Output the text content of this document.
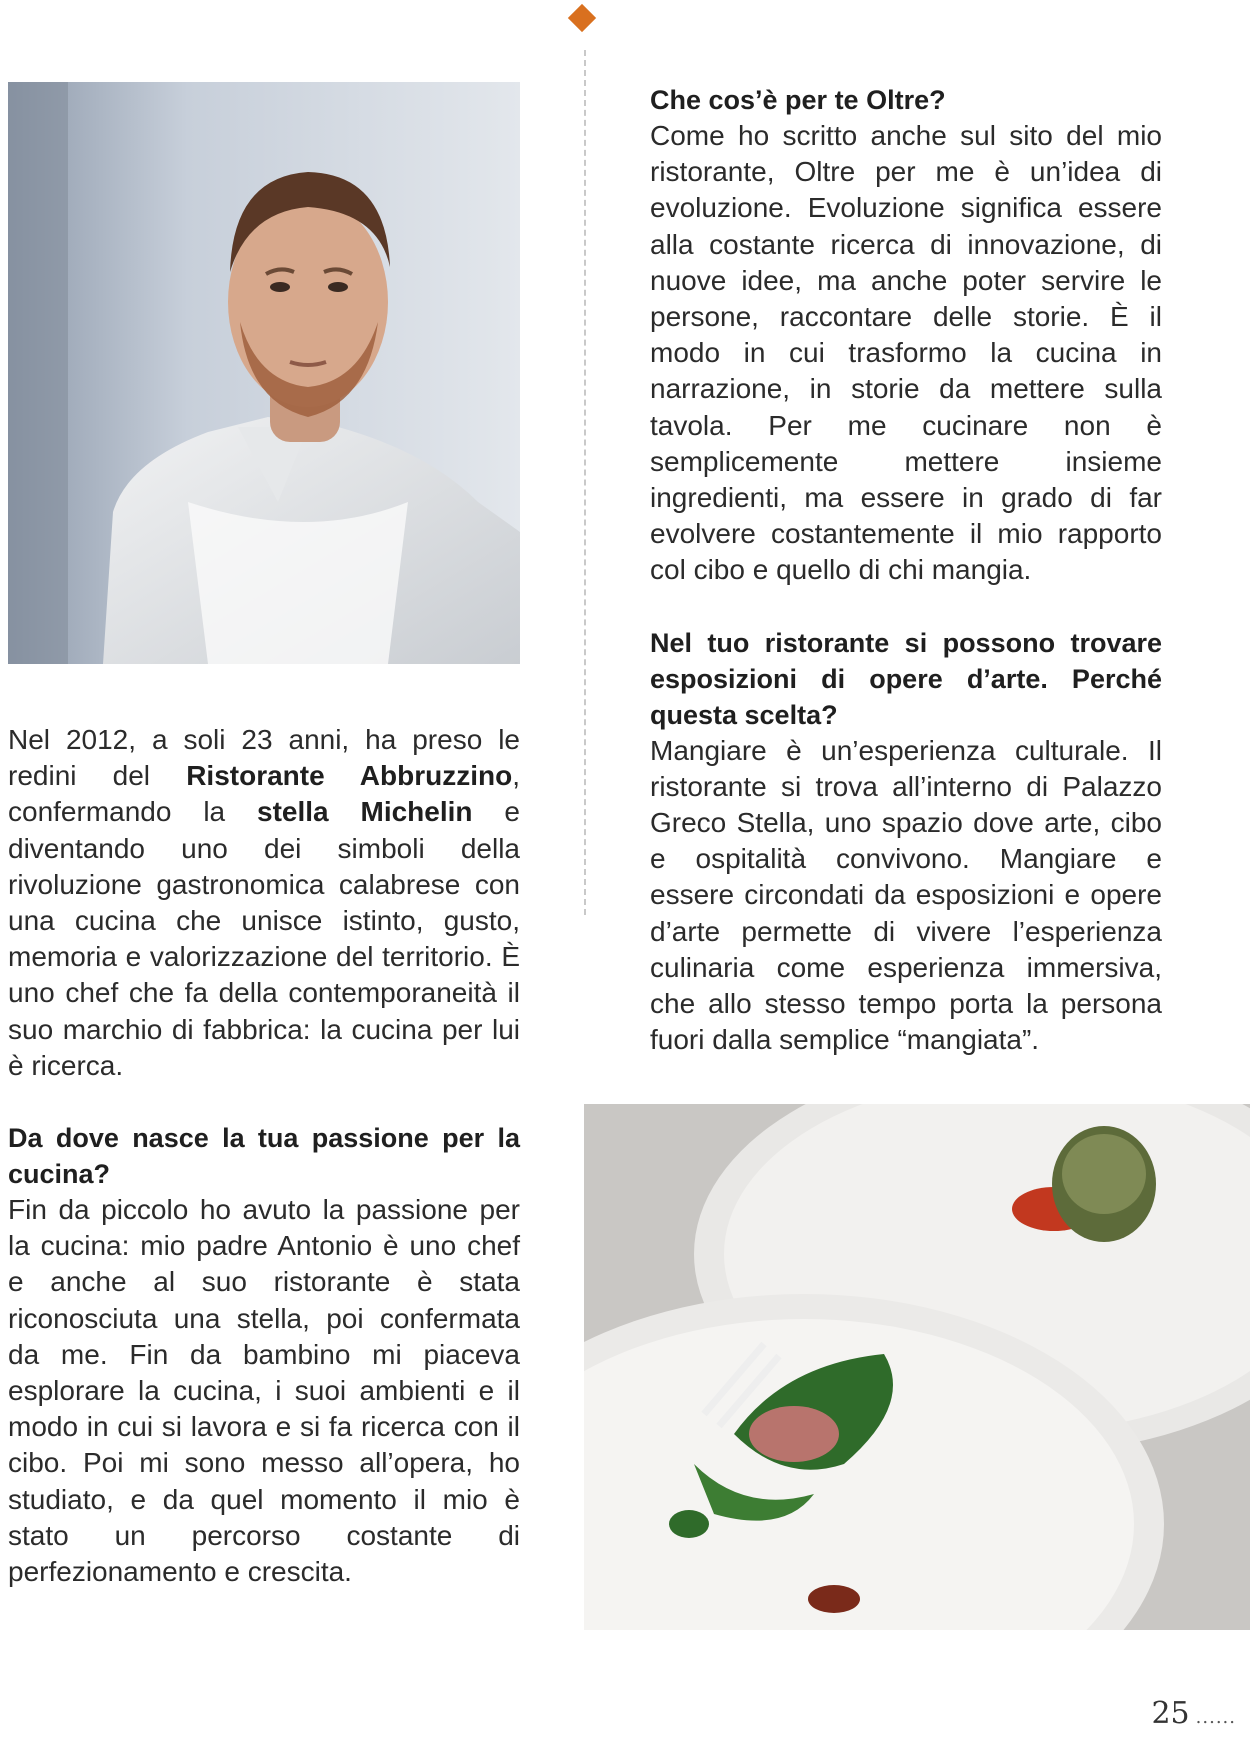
Nel 2012, a soli 23 anni, ha preso le redini del Ristorante Abbruzzino, confermando la stella Michelin e diventando uno dei simboli della rivoluzione gastronomica calabrese con una cucina che unisce istinto, gusto, memoria e valorizzazione del territorio. È uno chef che fa della contemporaneità il suo marchio di fabbrica: la cucina per lui è ricerca.

Da dove nasce la tua passione per la cucina?

Fin da piccolo ho avuto la passione per la cucina: mio padre Antonio è uno chef e anche al suo ristorante è stata riconosciuta una stella, poi confermata da me. Fin da bambino mi piaceva esplorare la cucina, i suoi ambienti e il modo in cui si lavora e si fa ricerca con il cibo. Poi mi sono messo all’opera, ho studiato, e da quel momento il mio è stato un percorso costante di perfezionamento e crescita.

Che cos’è per te Oltre?

Come ho scritto anche sul sito del mio ristorante, Oltre per me è un’idea di evoluzione. Evoluzione significa essere alla costante ricerca di innovazione, di nuove idee, ma anche poter servire le persone, raccontare delle storie. È il modo in cui trasformo la cucina in narrazione, in storie da mettere sulla tavola. Per me cucinare non è semplicemente mettere insieme ingredienti, ma essere in grado di far evolvere costantemente il mio rapporto col cibo e quello di chi mangia.

Nel tuo ristorante si possono trovare esposizioni di opere d’arte. Perché questa scelta?

Mangiare è un’esperienza culturale. Il ristorante si trova all’interno di Palazzo Greco Stella, uno spazio dove arte, cibo e ospitalità convivono. Mangiare e essere circondati da esposizioni e opere d’arte permette di vivere l’esperienza culinaria come esperienza immersiva, che allo stesso tempo porta la persona fuori dalla semplice “mangiata”.

25 ......
